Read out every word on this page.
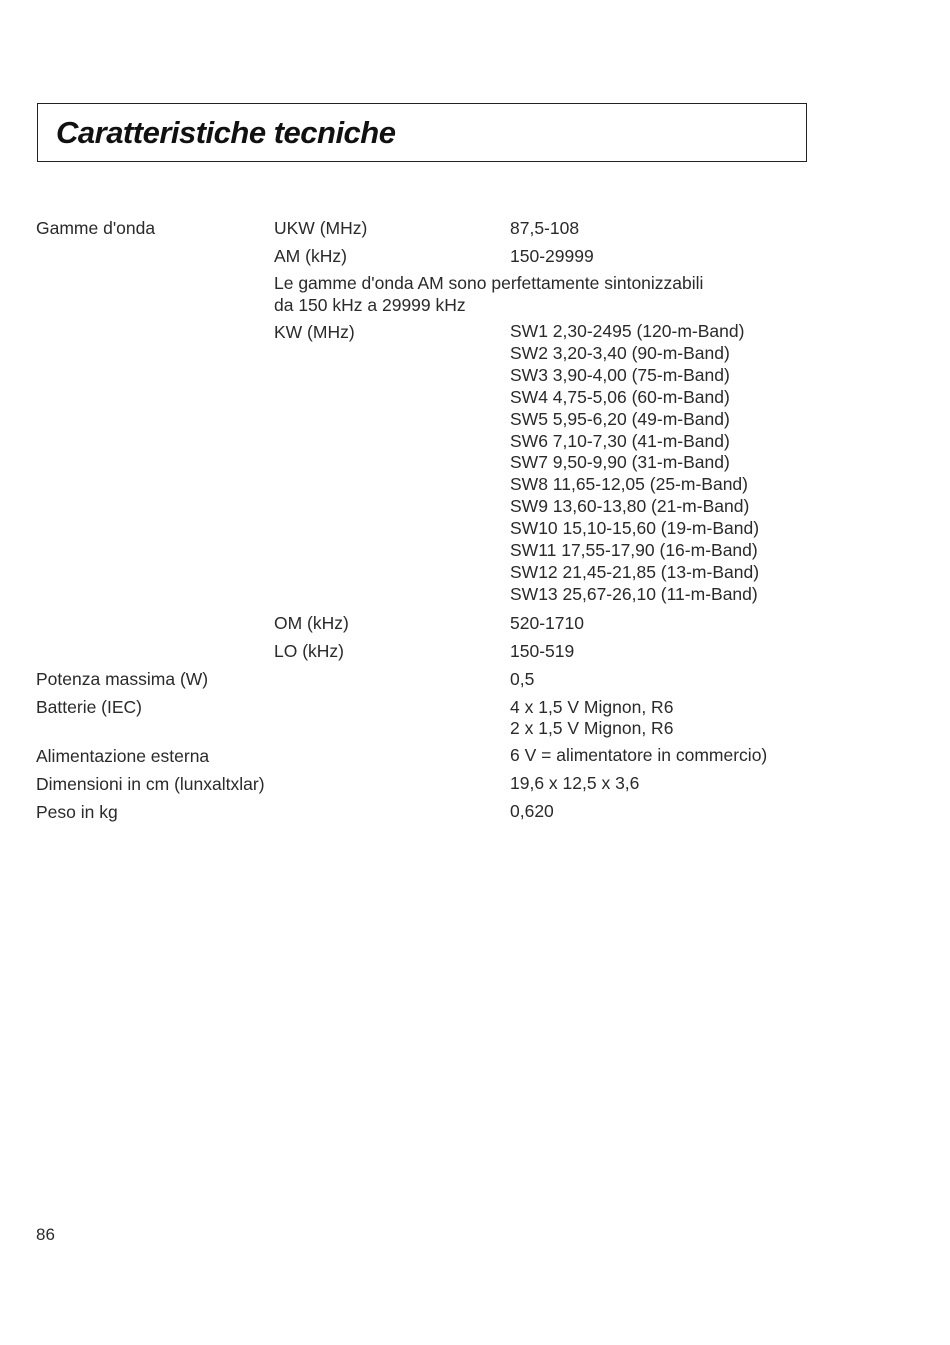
Caratteristiche tecniche
Gamme d'onda	UKW (MHz)	87,5-108
AM (kHz)	150-29999
Le gamme d'onda AM sono perfettamente sintonizzabili
da 150 kHz a 29999 kHz
KW (MHz)	SW1 2,30-2495 (120-m-Band)
SW2 3,20-3,40 (90-m-Band)
SW3 3,90-4,00 (75-m-Band)
SW4 4,75-5,06 (60-m-Band)
SW5 5,95-6,20 (49-m-Band)
SW6 7,10-7,30 (41-m-Band)
SW7 9,50-9,90 (31-m-Band)
SW8 11,65-12,05 (25-m-Band)
SW9 13,60-13,80 (21-m-Band)
SW10 15,10-15,60 (19-m-Band)
SW11 17,55-17,90 (16-m-Band)
SW12 21,45-21,85 (13-m-Band)
SW13 25,67-26,10 (11-m-Band)
OM (kHz)	520-1710
LO (kHz)	150-519
Potenza massima (W)	0,5
Batterie (IEC)	4 x 1,5 V Mignon, R6
2 x 1,5 V Mignon, R6
Alimentazione esterna	6 V = alimentatore in commercio)
Dimensioni in cm (lunxaltxlar)	19,6 x 12,5 x 3,6
Peso in kg	0,620
86
